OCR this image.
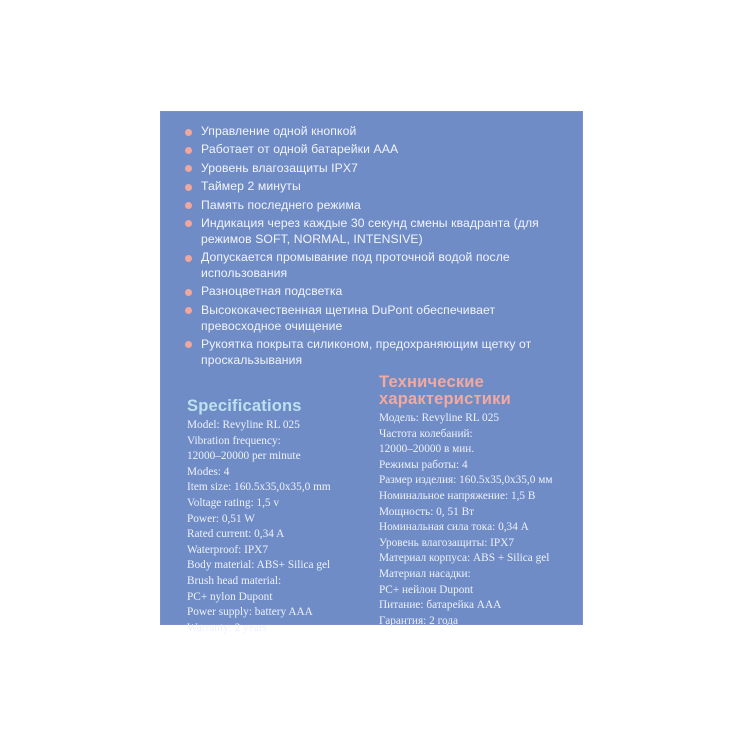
Управление одной кнопкой
Работает от одной батарейки AAA
Уровень влагозащиты IPX7
Таймер 2 минуты
Память последнего режима
Индикация через каждые 30 секунд смены квадранта (для режимов SOFT, NORMAL, INTENSIVE)
Допускается промывание под проточной водой после использования
Разноцветная подсветка
Высококачественная щетина DuPont обеспечивает превосходное очищение
Рукоятка покрыта силиконом, предохраняющим щетку от проскальзывания
Specifications
Model: Revyline RL 025
Vibration frequency:
12000–20000 per minute
Modes: 4
Item size: 160.5x35,0x35,0 mm
Voltage rating: 1,5 v
Power: 0,51 W
Rated current: 0,34 A
Waterproof: IPX7
Body material: ABS+ Silica gel
Brush head material:
PC+ nylon Dupont
Power supply: battery AAA
Warranty: 2 years
Технические
характеристики
Модель: Revyline RL 025
Частота колебаний:
12000–20000 в мин.
Режимы работы: 4
Размер изделия: 160.5x35,0x35,0 мм
Номинальное напряжение: 1,5 В
Мощность: 0, 51 Вт
Номинальная сила тока: 0,34 А
Уровень влагозащиты: IPX7
Материал корпуса: ABS + Silica gel
Материал насадки:
PC+ нейлон Dupont
Питание: батарейка AAA
Гарантия: 2 года
